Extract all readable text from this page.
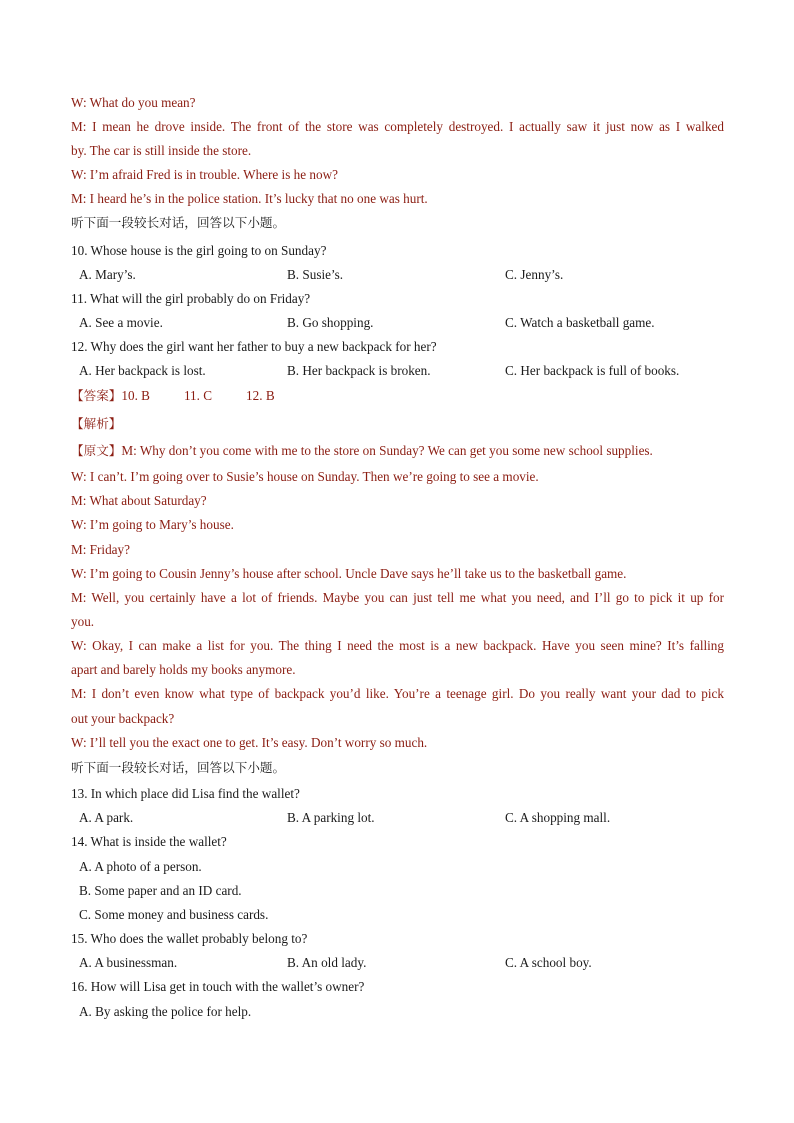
W: What do you mean?
M: I mean he drove inside. The front of the store was completely destroyed. I actually saw it just now as I walked
by. The car is still inside the store.
W: I’m afraid Fred is in trouble. Where is he now?
M: I heard he’s in the police station. It’s lucky that no one was hurt.
听下面一段较长对话，回答以下小题。
10. Whose house is the girl going to on Sunday?
A. Mary’s.	B. Susie’s.	C. Jenny’s.
11. What will the girl probably do on Friday?
A. See a movie.	B. Go shopping.	C. Watch a basketball game.
12. Why does the girl want her father to buy a new backpack for her?
A. Her backpack is lost.	B. Her backpack is broken.	C. Her backpack is full of books.
【答案】10. B	11. C	12. B
【解析】
【原文】M: Why don’t you come with me to the store on Sunday? We can get you some new school supplies.
W: I can’t. I’m going over to Susie’s house on Sunday. Then we’re going to see a movie.
M: What about Saturday?
W: I’m going to Mary’s house.
M: Friday?
W: I’m going to Cousin Jenny’s house after school. Uncle Dave says he’ll take us to the basketball game.
M: Well, you certainly have a lot of friends. Maybe you can just tell me what you need, and I’ll go to pick it up for
you.
W: Okay, I can make a list for you. The thing I need the most is a new backpack. Have you seen mine? It’s falling
apart and barely holds my books anymore.
M: I don’t even know what type of backpack you’d like. You’re a teenage girl. Do you really want your dad to pick
out your backpack?
W: I’ll tell you the exact one to get. It’s easy. Don’t worry so much.
听下面一段较长对话，回答以下小题。
13. In which place did Lisa find the wallet?
A. A park.	B. A parking lot.	C. A shopping mall.
14. What is inside the wallet?
A. A photo of a person.
B. Some paper and an ID card.
C. Some money and business cards.
15. Who does the wallet probably belong to?
A. A businessman.	B. An old lady.	C. A school boy.
16. How will Lisa get in touch with the wallet’s owner?
A. By asking the police for help.
